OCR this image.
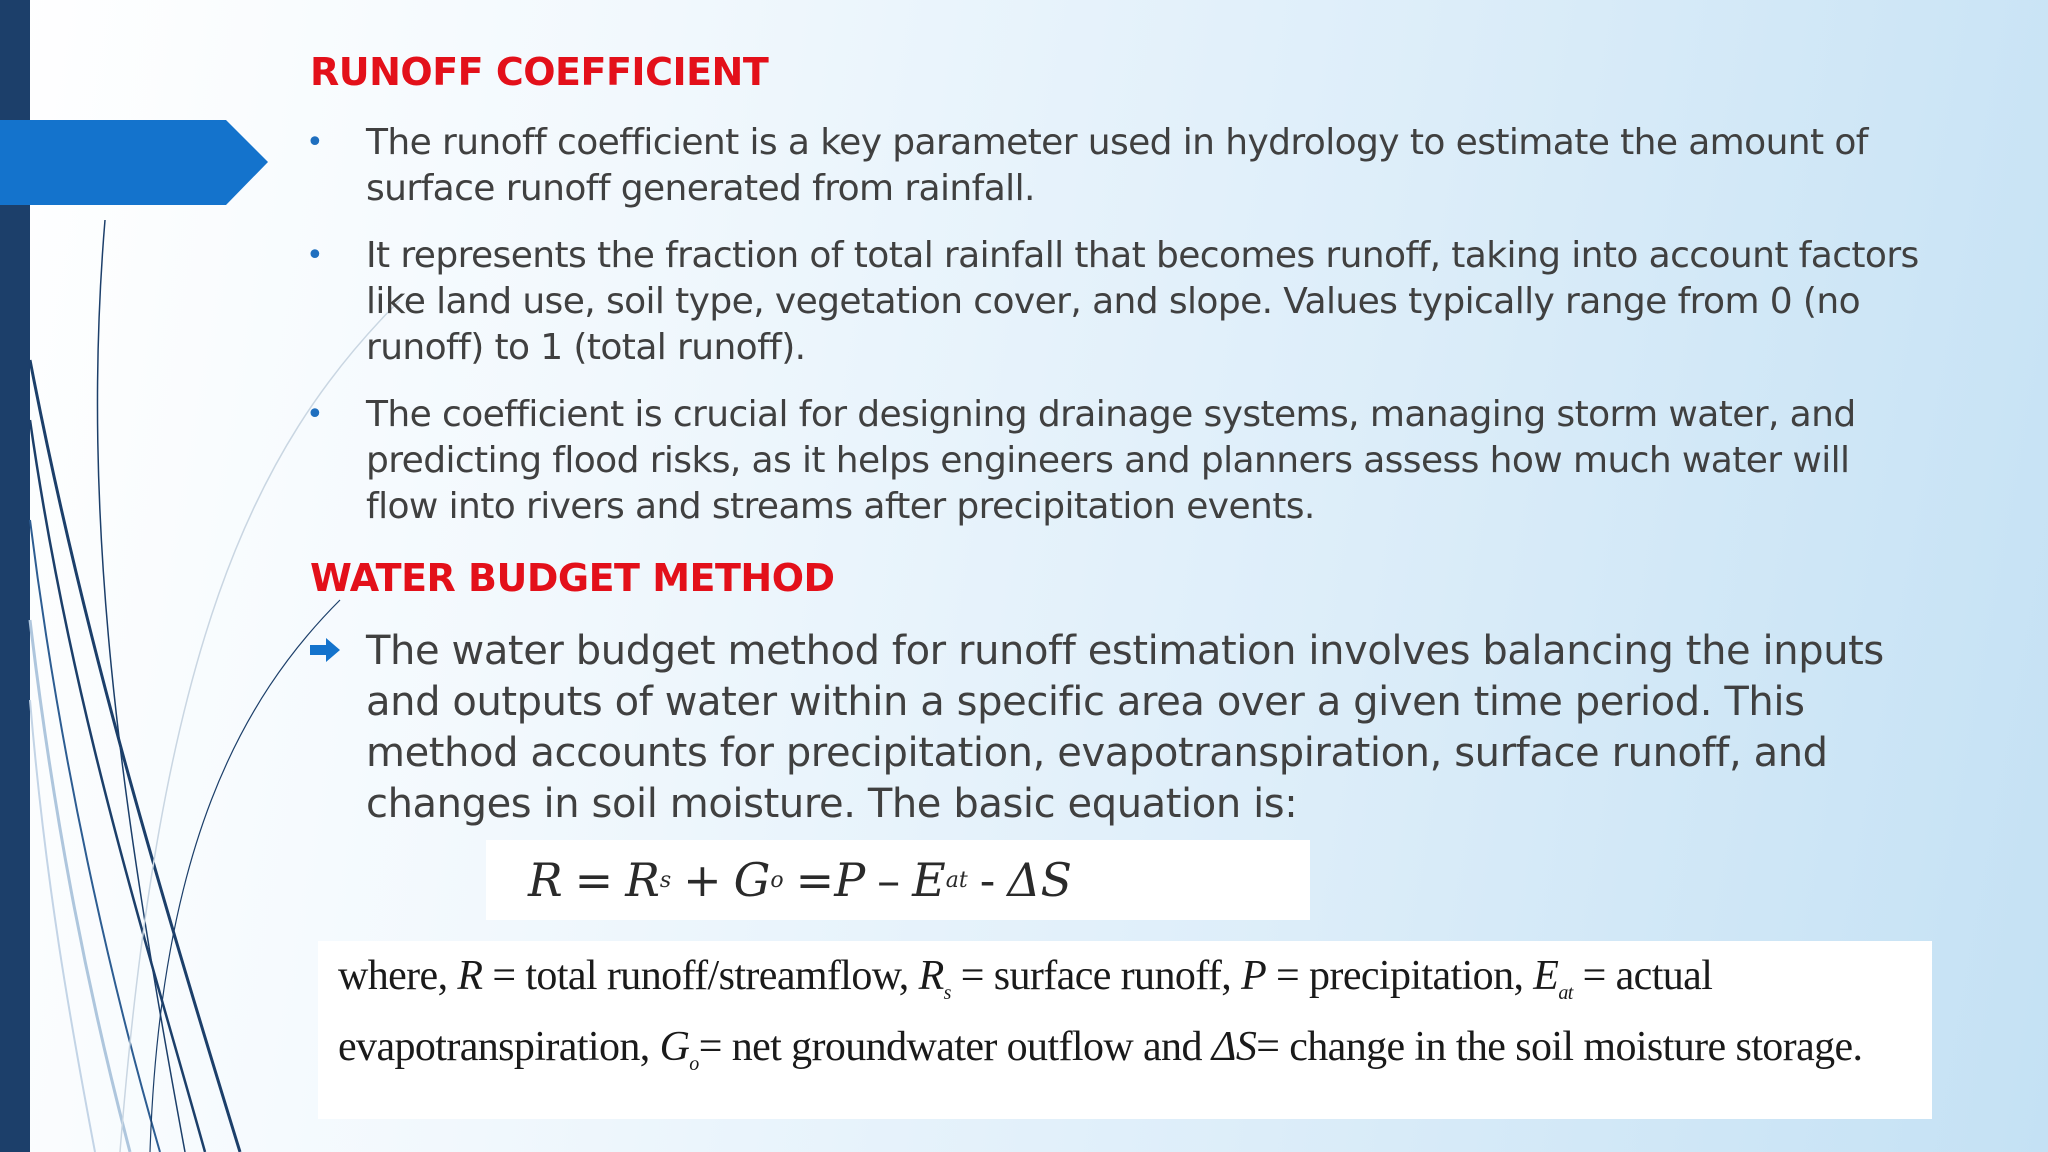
RUNOFF COEFFICIENT
• The runoff coefficient is a key parameter used in hydrology to estimate the amount of surface runoff generated from rainfall.
• It represents the fraction of total rainfall that becomes runoff, taking into account factors like land use, soil type, vegetation cover, and slope. Values typically range from 0 (no runoff) to 1 (total runoff).
• The coefficient is crucial for designing drainage systems, managing storm water, and predicting flood risks, as it helps engineers and planners assess how much water will flow into rivers and streams after precipitation events.
WATER BUDGET METHOD
The water budget method for runoff estimation involves balancing the inputs and outputs of water within a specific area over a given time period. This method accounts for precipitation, evapotranspiration, surface runoff, and changes in soil moisture. The basic equation is:
R = R s + G o = P – E at - ΔS
where, R = total runoff/streamflow, $R_s$ = surface runoff, P = precipitation, $E_{at}$ = actual evapotranspiration, $G_o=$ net groundwater outflow and ΔS= change in the soil moisture storage.
